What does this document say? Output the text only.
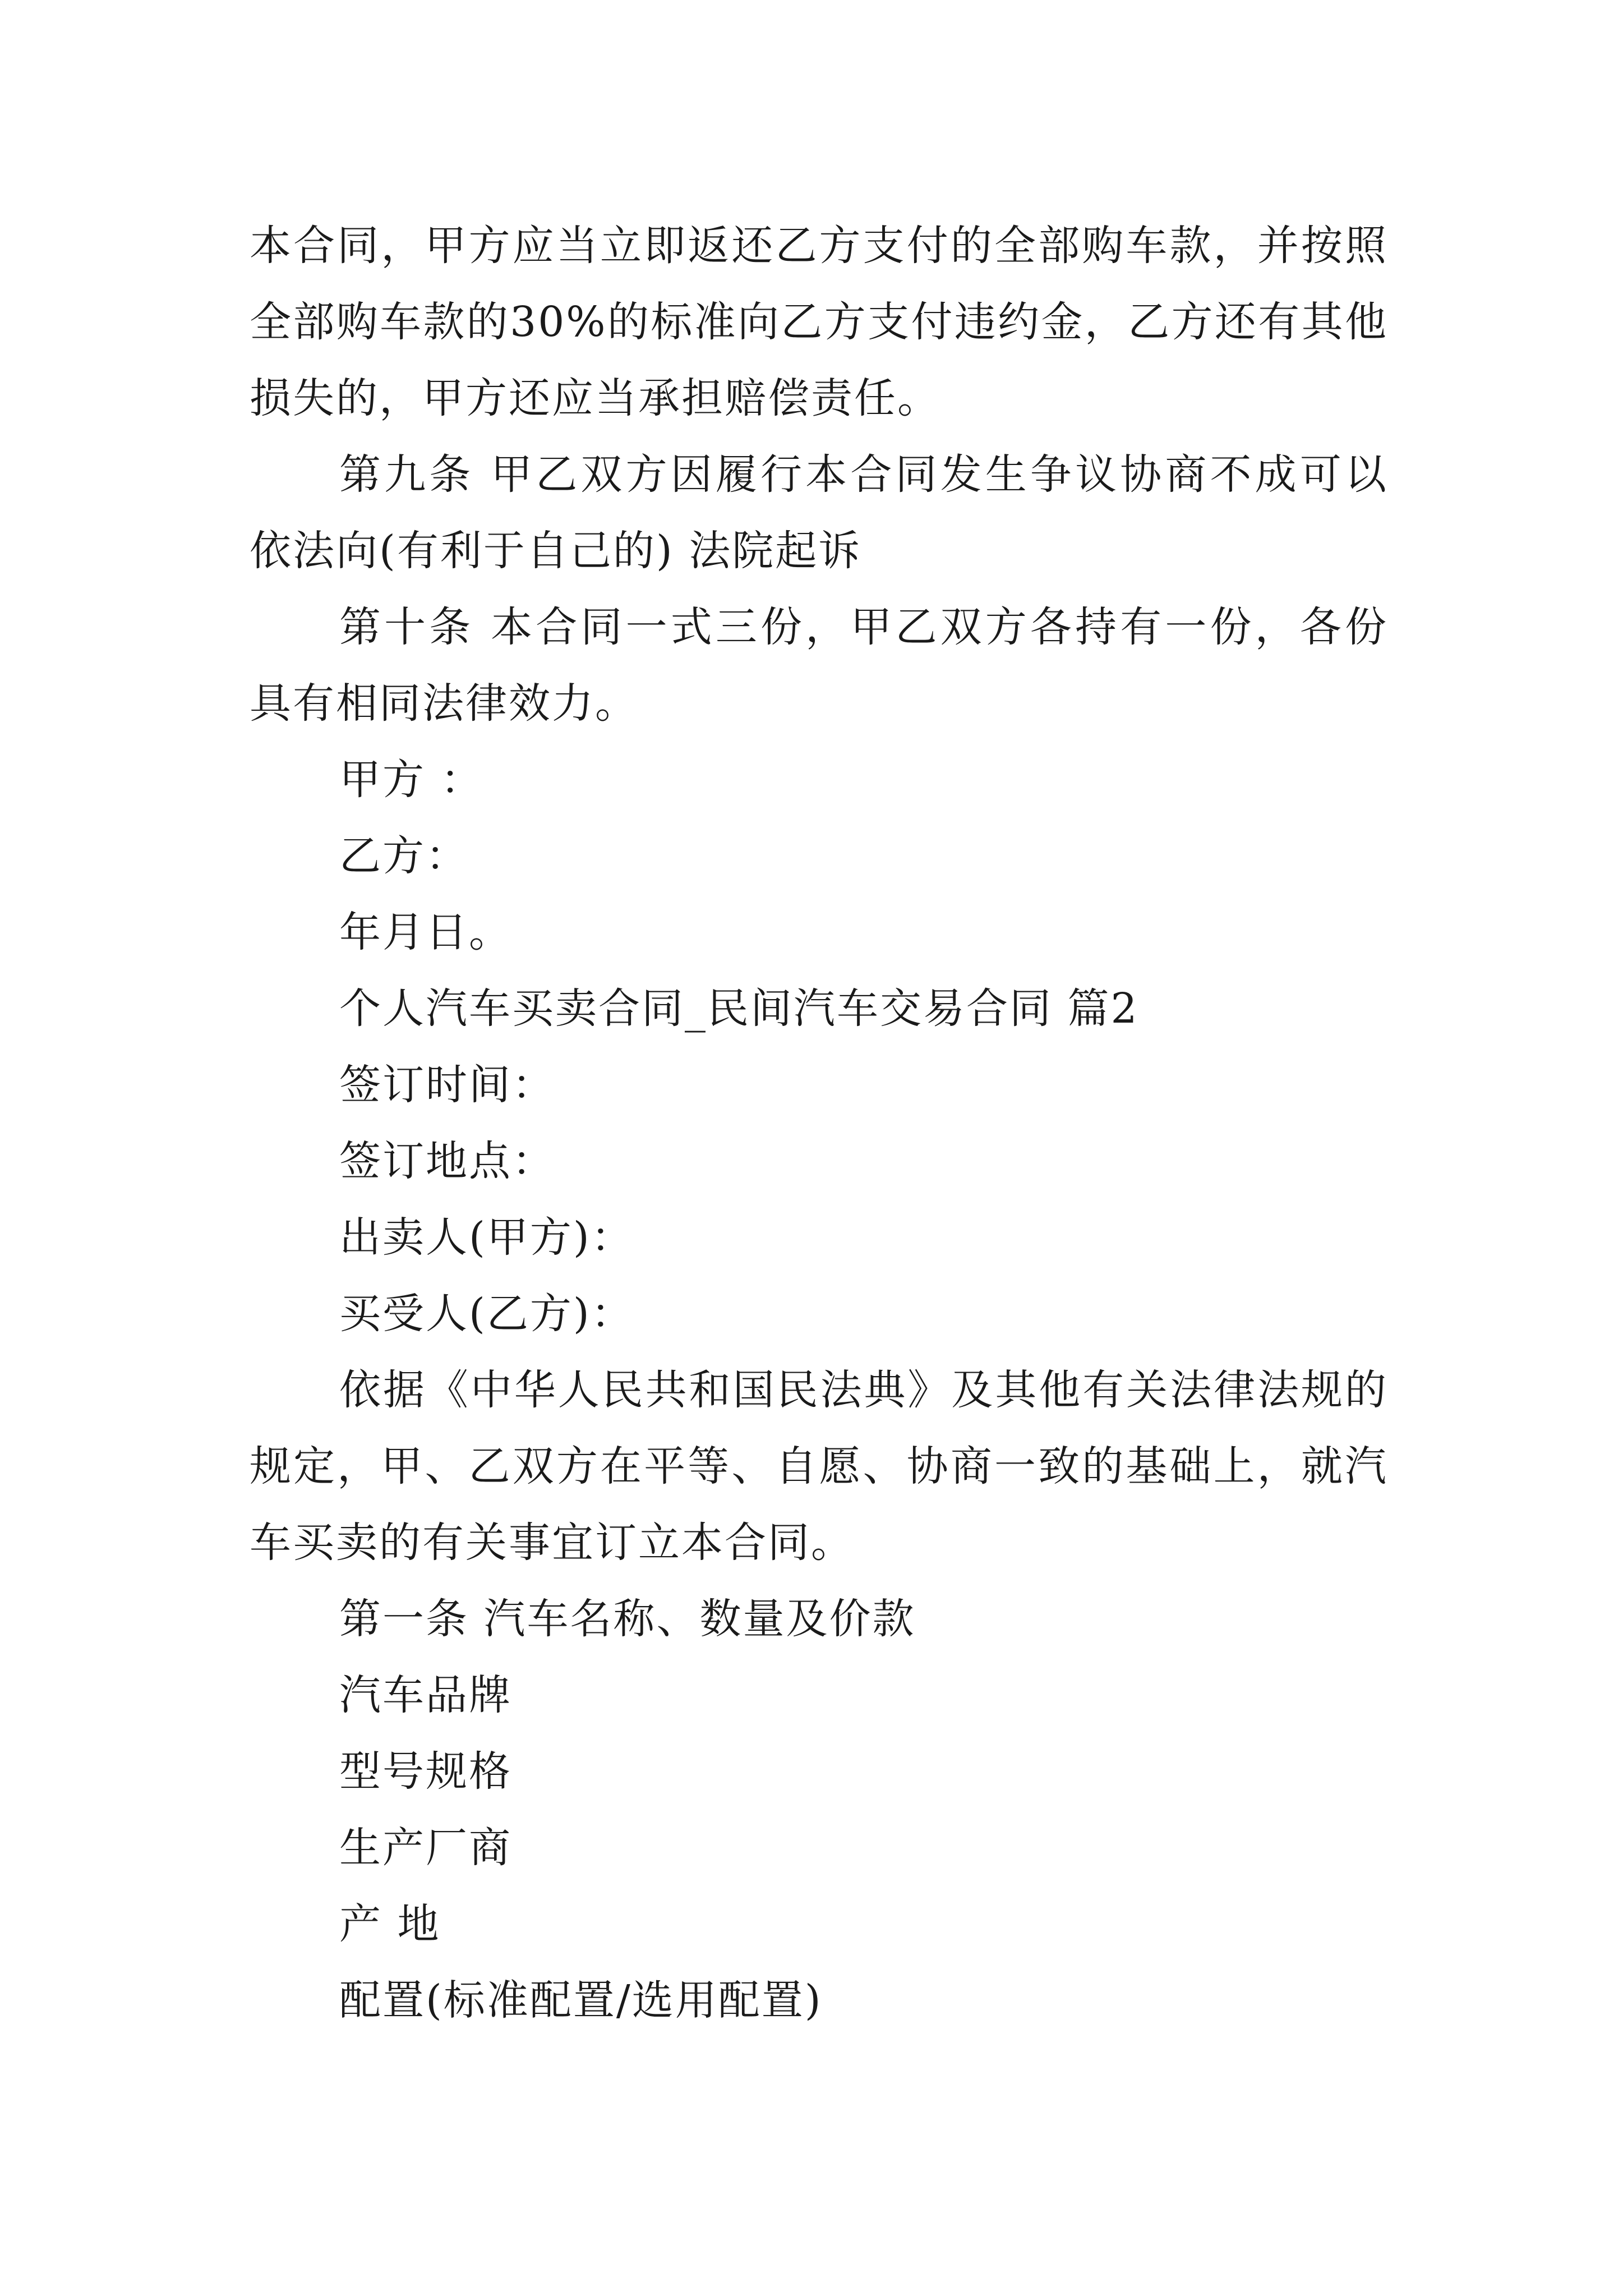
本合同，甲方应当立即返还乙方支付的全部购车款，并按照全部购车款的30%的标准向乙方支付违约金，乙方还有其他损失的，甲方还应当承担赔偿责任。

第九条 甲乙双方因履行本合同发生争议协商不成可以依法向(有利于自己的) 法院起诉

第十条 本合同一式三份，甲乙双方各持有一份，各份具有相同法律效力。

甲方 ：

乙方：

年月日。

个人汽车买卖合同_民间汽车交易合同 篇2

签订时间：

签订地点：

出卖人(甲方)：

买受人(乙方)：

依据《中华人民共和国民法典》及其他有关法律法规的规定，甲、乙双方在平等、自愿、协商一致的基础上，就汽车买卖的有关事宜订立本合同。

第一条 汽车名称、数量及价款

汽车品牌

型号规格

生产厂商

产 地

配置(标准配置/选用配置)
